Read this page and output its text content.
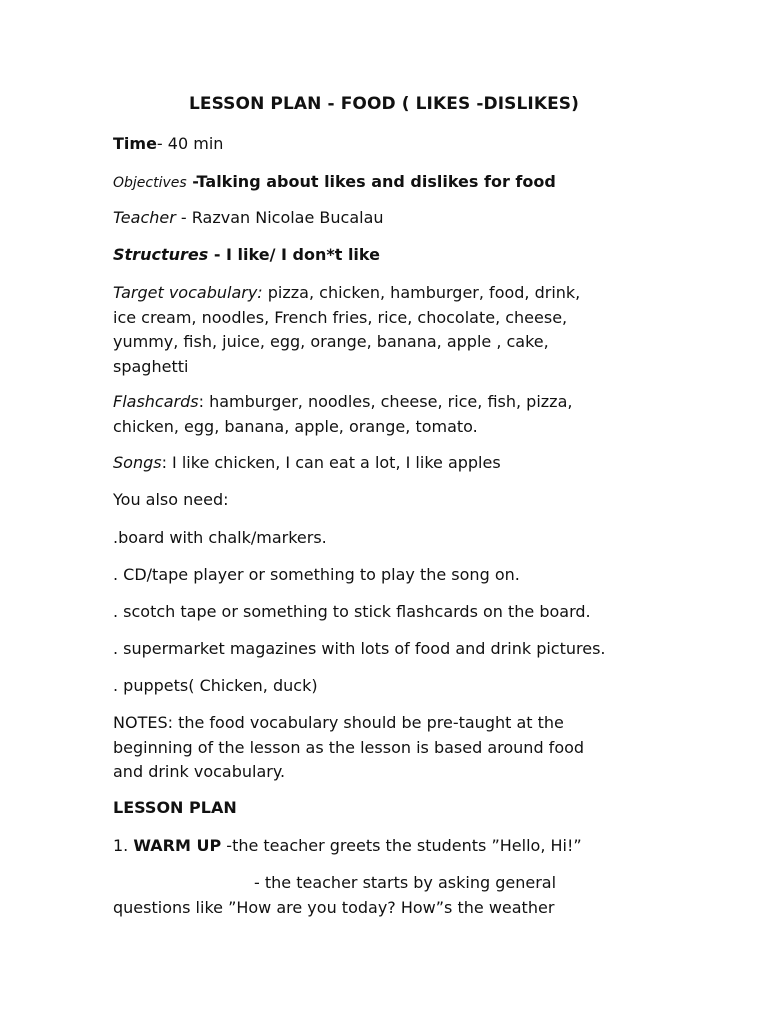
LESSON PLAN - FOOD ( LIKES -DISLIKES)
Time- 40 min
Objectives -Talking about likes and dislikes for food
Teacher - Razvan Nicolae Bucalau
Structures - I like/ I don*t like
Target vocabulary: pizza, chicken, hamburger, food, drink,
ice cream, noodles, French fries, rice, chocolate, cheese,
yummy, fish, juice, egg, orange, banana, apple , cake,
spaghetti
Flashcards: hamburger, noodles, cheese, rice, fish, pizza,
chicken, egg, banana, apple, orange, tomato.
Songs: I like chicken, I can eat a lot, I like apples
You also need:
.board with chalk/markers.
. CD/tape player or something to play the song on.
. scotch tape or something to stick flashcards on the board.
. supermarket magazines with lots of food and drink pictures.
. puppets( Chicken, duck)
NOTES: the food vocabulary should be pre-taught at the
beginning of the lesson as the lesson is based around food
and drink vocabulary.
LESSON PLAN
1. WARM UP -the teacher greets the students ”Hello, Hi!”
- the teacher starts by asking general
questions like ”How are you today? How”s the weather
